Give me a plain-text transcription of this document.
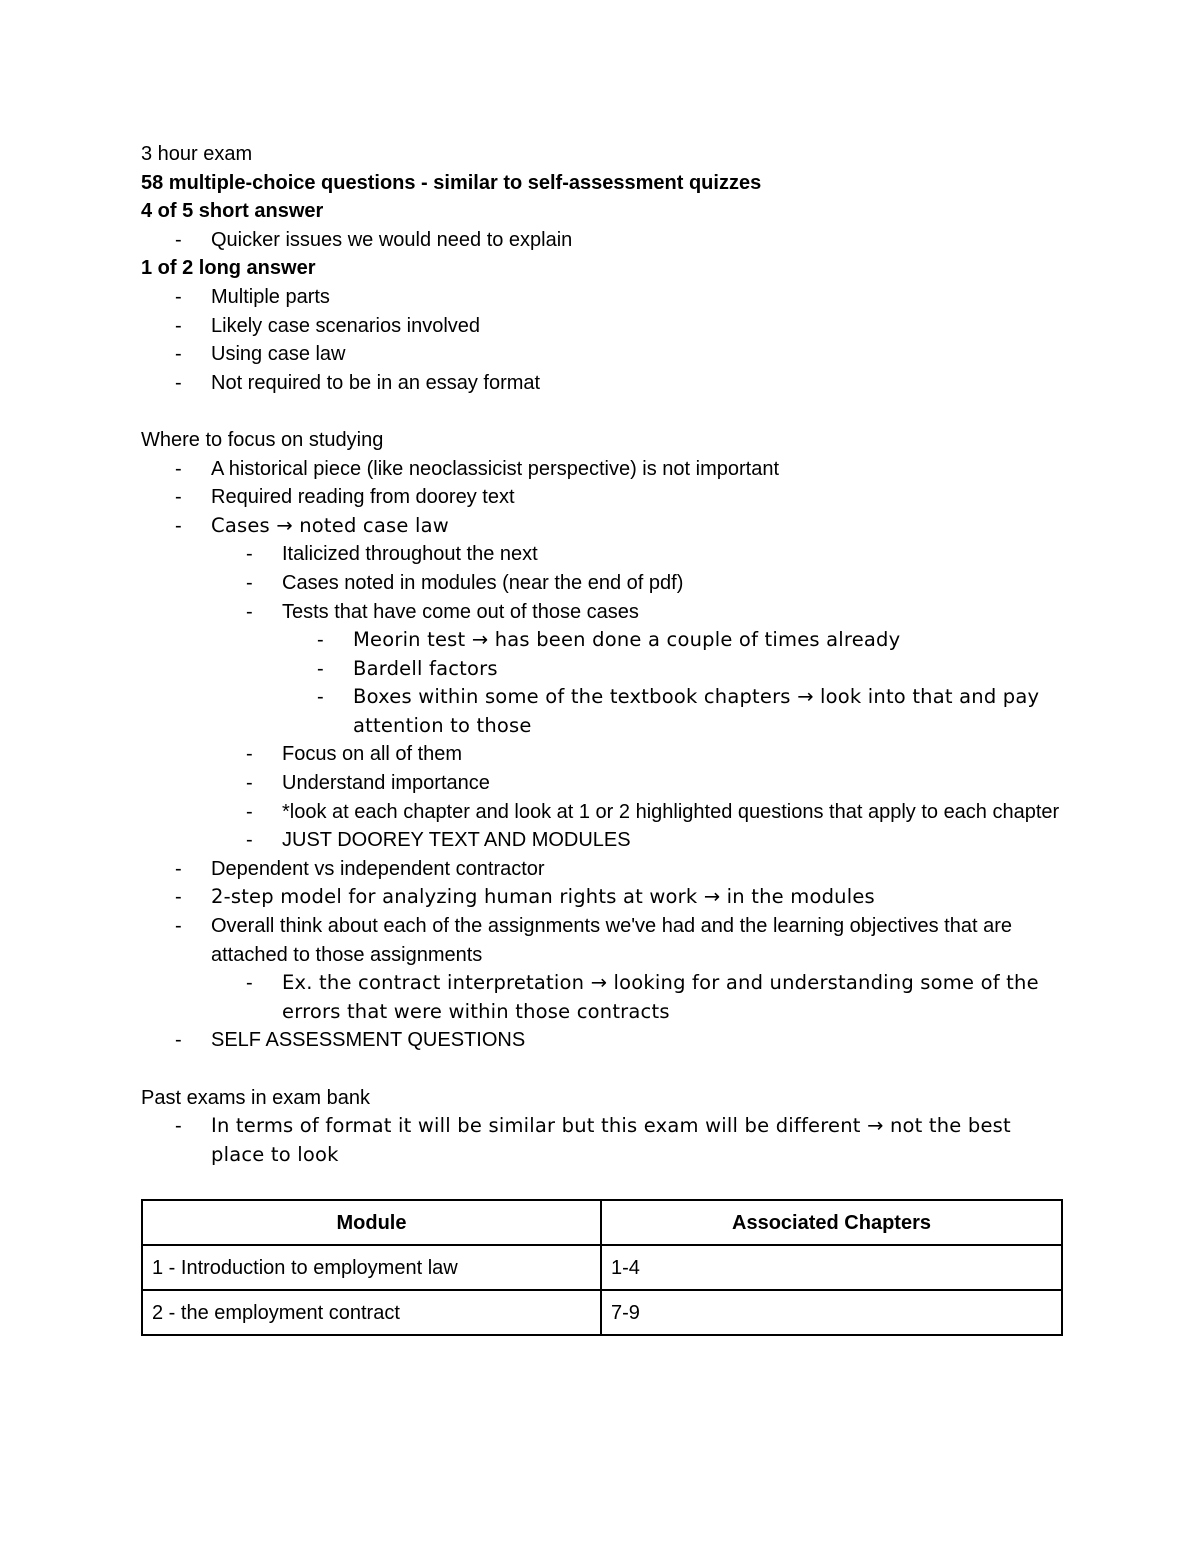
3 hour exam

58 multiple-choice questions - similar to self-assessment quizzes

4 of 5 short answer

- Quicker issues we would need to explain

1 of 2 long answer

- Multiple parts
- Likely case scenarios involved
- Using case law
- Not required to be in an essay format

Where to focus on studying

- A historical piece (like neoclassicist perspective) is not important
- Required reading from doorey text
- Cases → noted case law
- Italicized throughout the next
- Cases noted in modules (near the end of pdf)
- Tests that have come out of those cases
- Meorin test → has been done a couple of times already
- Bardell factors
- Boxes within some of the textbook chapters → look into that and pay attention to those
- Focus on all of them
- Understand importance
- *look at each chapter and look at 1 or 2 highlighted questions that apply to each chapter
- JUST DOOREY TEXT AND MODULES
- Dependent vs independent contractor
- 2-step model for analyzing human rights at work → in the modules
- Overall think about each of the assignments we've had and the learning objectives that are attached to those assignments
- Ex. the contract interpretation → looking for and understanding some of the errors that were within those contracts
- SELF ASSESSMENT QUESTIONS

Past exams in exam bank

- In terms of format it will be similar but this exam will be different → not the best place to look
Module	Associated Chapters
1 - Introduction to employment law	1-4
2 - the employment contract	7-9
